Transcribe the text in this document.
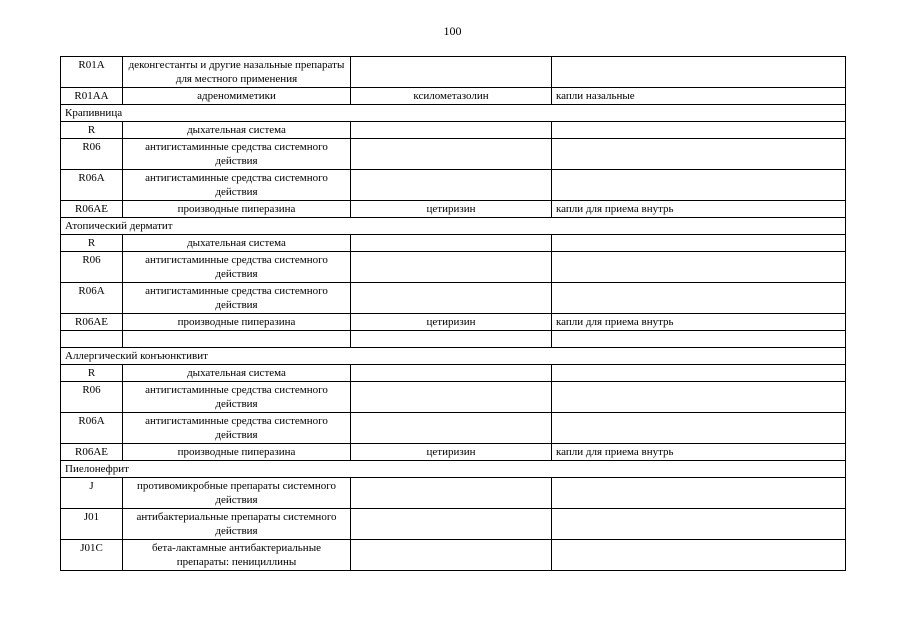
100
R01A	деконгестанты и другие назальные препараты для местного применения		
R01AA	адреномиметики	ксилометазолин	капли назальные
Крапивница			
R	дыхательная система		
R06	антигистаминные средства системного действия		
R06A	антигистаминные средства системного действия		
R06AE	производные пиперазина	цетиризин	капли для приема внутрь
Атопический дерматит			
R	дыхательная система		
R06	антигистаминные средства системного действия		
R06A	антигистаминные средства системного действия		
R06AE	производные пиперазина	цетиризин	капли для приема внутрь

Аллергический конъюнктивит			
R	дыхательная система		
R06	антигистаминные средства системного действия		
R06A	антигистаминные средства системного действия		
R06AE	производные пиперазина	цетиризин	капли для приема внутрь
Пиелонефрит			
J	противомикробные препараты системного действия		
J01	антибактериальные препараты системного действия		
J01C	бета-лактамные антибактериальные препараты: пенициллины		
